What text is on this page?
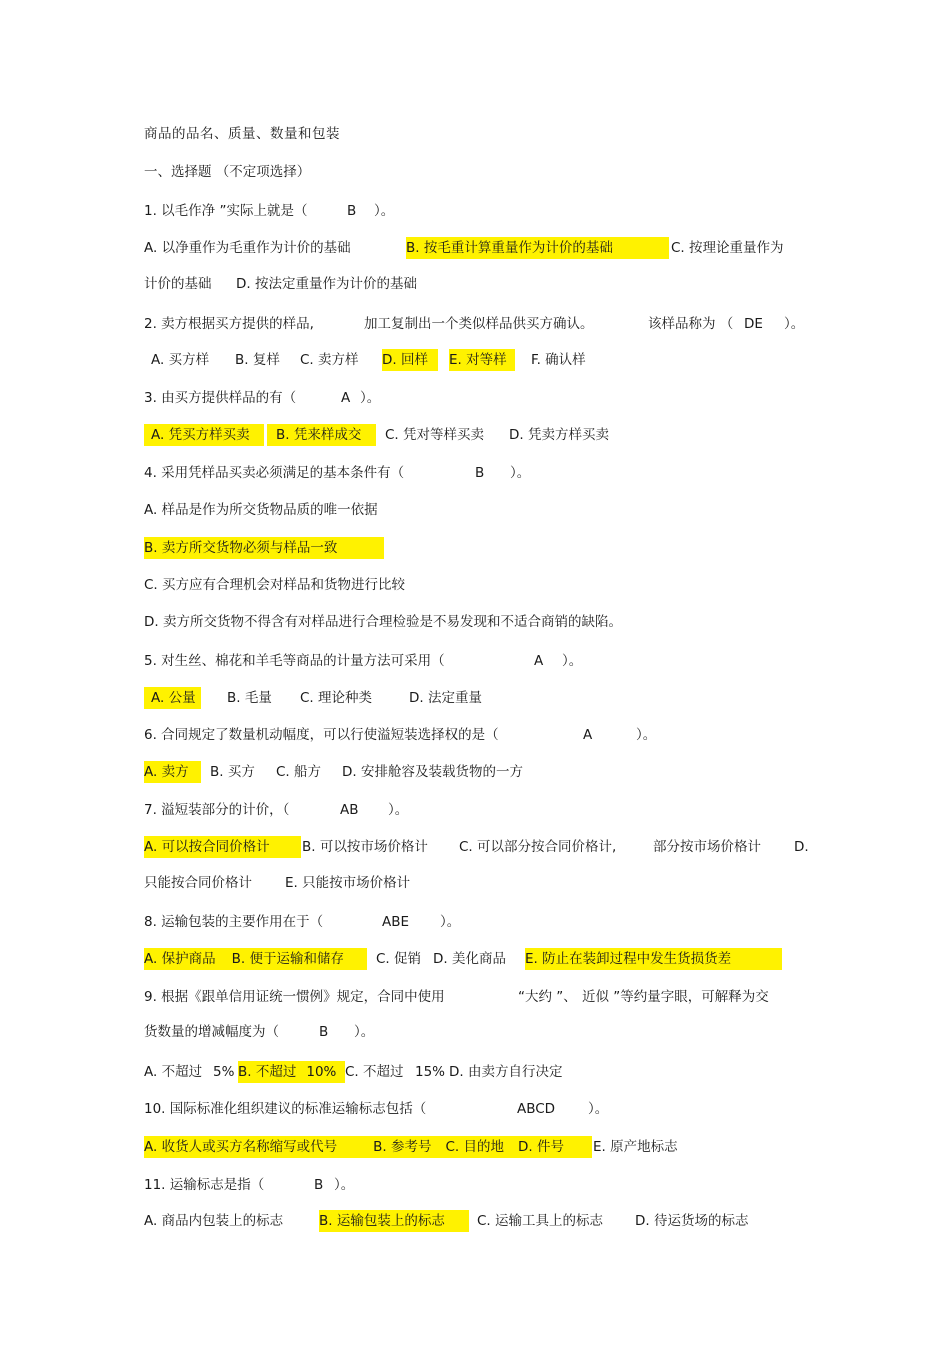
商品的品名、质量、数量和包装
一、选择题 （不定项选择）
1. 以毛作净 ”实际上就是（	B ）。
A. 以净重作为毛重作为计价的基础	B. 按毛重计算重量作为计价的基础	C. 按理论重量作为
计价的基础 D. 按法定重量作为计价的基础
2. 卖方根据买方提供的样品,	加工复制出一个类似样品供买方确认。	该样品称为 （ DE ）。
A. 买方样 B. 复样 C. 卖方样 D. 回样	E. 对等样	F. 确认样
3. 由买方提供样品的有（	A ）。
A. 凭买方样买卖	B. 凭来样成交	C. 凭对等样买卖 D. 凭卖方样买卖
4. 采用凭样品买卖必须满足的基本条件有（	B ）。
A. 样品是作为所交货物品质的唯一依据
B. 卖方所交货物必须与样品一致
C. 买方应有合理机会对样品和货物进行比较
D. 卖方所交货物不得含有对样品进行合理检验是不易发现和不适合商销的缺陷。
5. 对生丝、棉花和羊毛等商品的计量方法可采用（	A ）。
A. 公量	B. 毛量 C. 理论种类	D. 法定重量
6. 合同规定了数量机动幅度，可以行使溢短装选择权的是（	A	）。
A. 卖方	B. 买方 C. 船方 D. 安排舱容及装载货物的一方
7. 溢短装部分的计价，（	AB ）。
A. 可以按合同价格计	B. 可以按市场价格计 C. 可以部分按合同价格计,	部分按市场价格计 D.
只能按合同价格计 E. 只能按市场价格计
8. 运输包装的主要作用在于（	ABE ）。
A. 保护商品 B. 便于运输和储存	C. 促销 D. 美化商品 E. 防止在装卸过程中发生货损货差
9. 根据《跟单信用证统一惯例》规定，合同中使用	“大约 ”、 近似 ”等约量字眼，可解释为交
货数量的增减幅度为（	B ）。
A. 不超过 5% B. 不超过 10% C. 不超过 15% D. 由卖方自行决定
10. 国际标准化组织建议的标准运输标志包括（	ABCD ）。
A. 收货人或买方名称缩写或代号	B. 参考号 C. 目的地 D. 件号	E. 原产地标志
11. 运输标志是指（	B ）。
A. 商品内包装上的标志	B. 运输包装上的标志	C. 运输工具上的标志 D. 待运货场的标志
